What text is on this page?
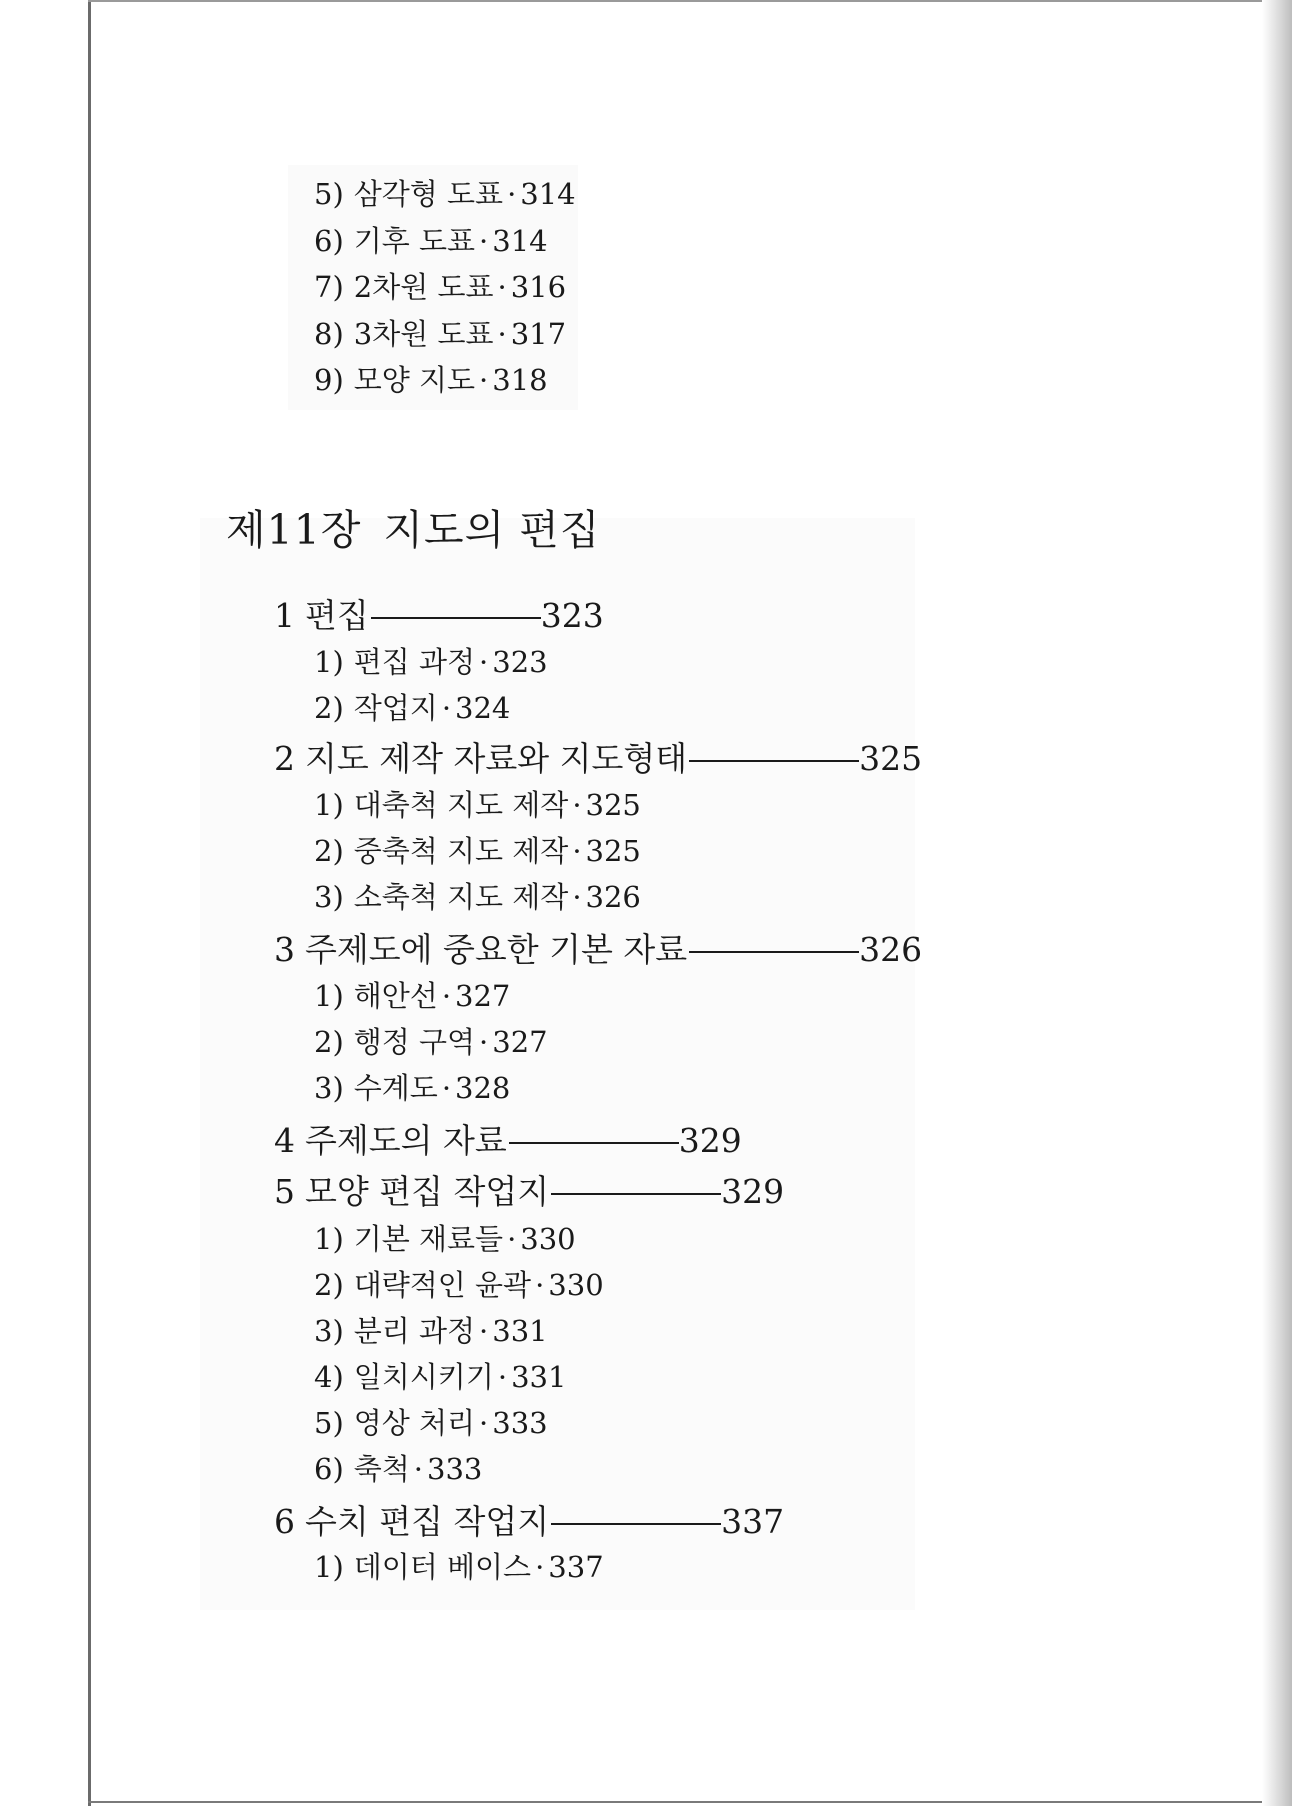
5) 삼각형 도표 · 314
6) 기후 도표 · 314
7) 2차원 도표 · 316
8) 3차원 도표 · 317
9) 모양 지도 · 318
제11장 지도의 편집
1 편집	323
1) 편집 과정 · 323
2) 작업지 · 324
2 지도 제작 자료와 지도형태	325
1) 대축척 지도 제작 · 325
2) 중축척 지도 제작 · 325
3) 소축척 지도 제작 · 326
3 주제도에 중요한 기본 자료	326
1) 해안선 · 327
2) 행정 구역 · 327
3) 수계도 · 328
4 주제도의 자료	329
5 모양 편집 작업지	329
1) 기본 재료들 · 330
2) 대략적인 윤곽 · 330
3) 분리 과정 · 331
4) 일치시키기 · 331
5) 영상 처리 · 333
6) 축척 · 333
6 수치 편집 작업지	337
1) 데이터 베이스 · 337
